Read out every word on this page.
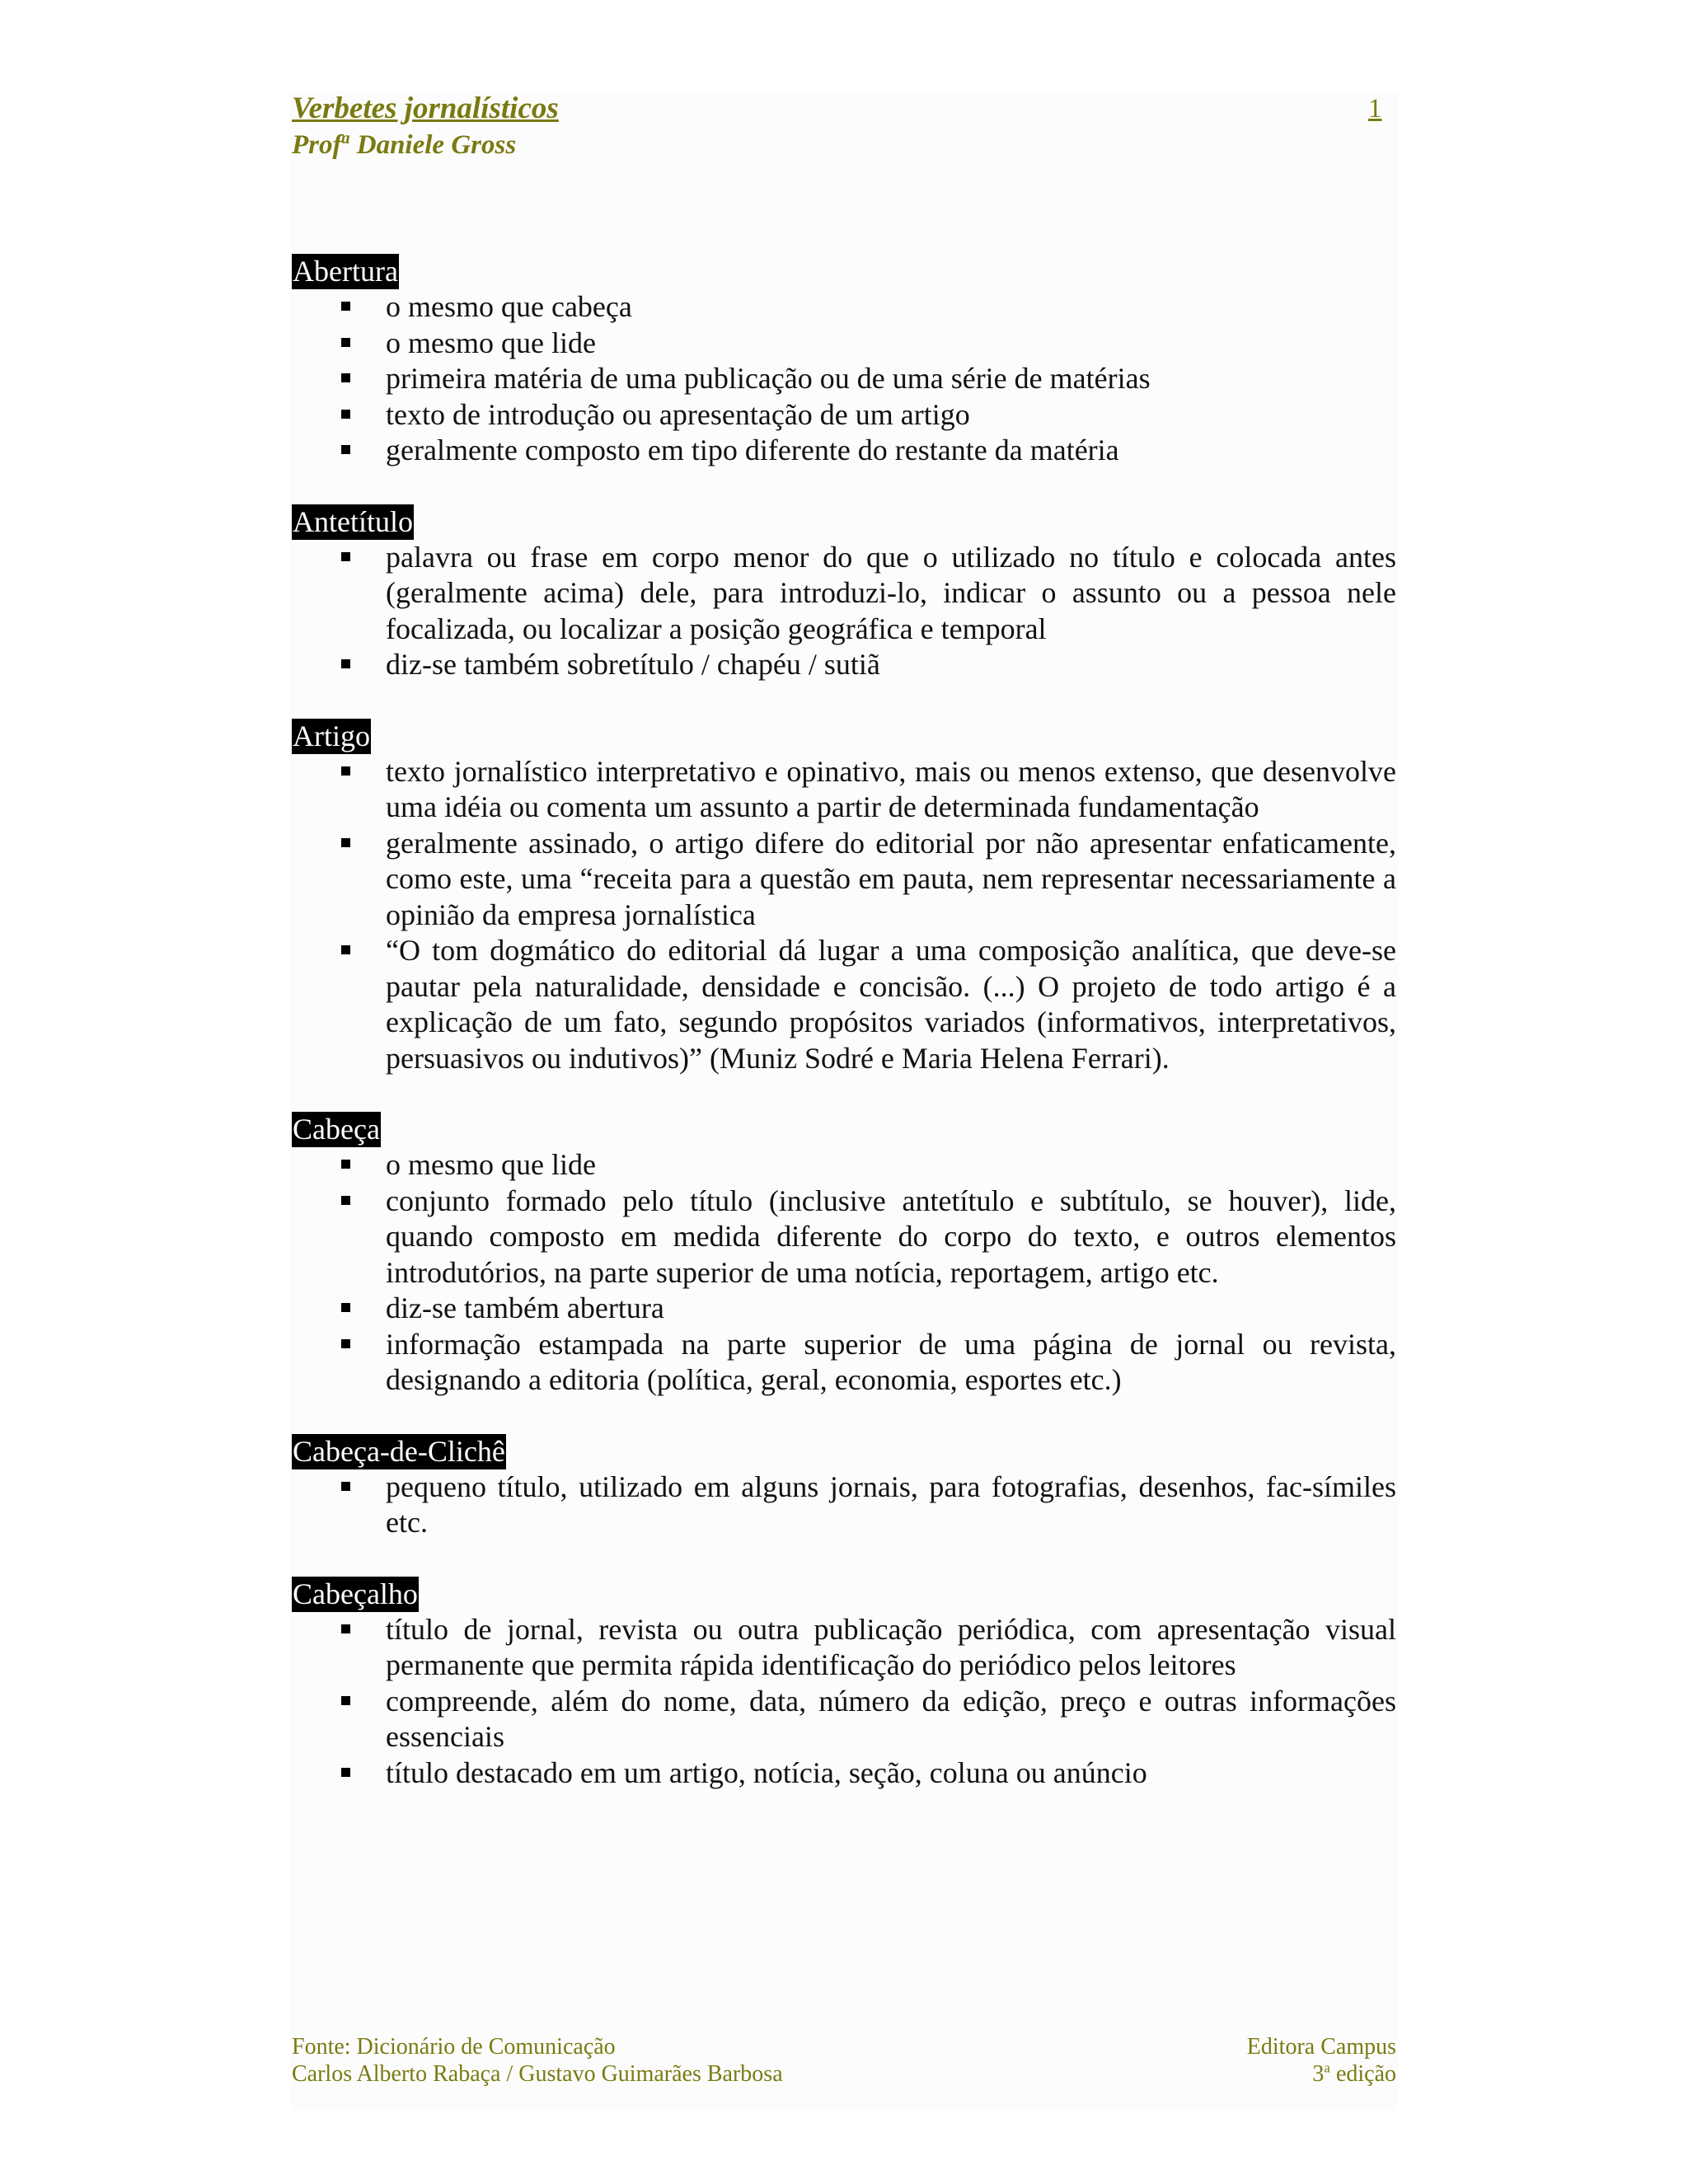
Verbetes jornalísticos
Prof$^a$ Daniele Gross
1
Abertura
o mesmo que cabeça
o mesmo que lide
primeira matéria de uma publicação ou de uma série de matérias
texto de introdução ou apresentação de um artigo
geralmente composto em tipo diferente do restante da matéria
Antetítulo
palavra ou frase em corpo menor do que o utilizado no título e colocada antes (geralmente acima) dele, para introduzi-lo, indicar o assunto ou a pessoa nele focalizada, ou localizar a posição geográfica e temporal
diz-se também sobretítulo / chapéu / sutiã
Artigo
texto jornalístico interpretativo e opinativo, mais ou menos extenso, que desenvolve uma idéia ou comenta um assunto a partir de determinada fundamentação
geralmente assinado, o artigo difere do editorial por não apresentar enfaticamente, como este, uma “receita para a questão em pauta, nem representar necessariamente a opinião da empresa jornalística
“O tom dogmático do editorial dá lugar a uma composição analítica, que deve-se pautar pela naturalidade, densidade e concisão. (...) O projeto de todo artigo é a explicação de um fato, segundo propósitos variados (informativos, interpretativos, persuasivos ou indutivos)” (Muniz Sodré e Maria Helena Ferrari).
Cabeça
o mesmo que lide
conjunto formado pelo título (inclusive antetítulo e subtítulo, se houver), lide, quando composto em medida diferente do corpo do texto, e outros elementos introdutórios, na parte superior de uma notícia, reportagem, artigo etc.
diz-se também abertura
informação estampada na parte superior de uma página de jornal ou revista, designando a editoria (política, geral, economia, esportes etc.)
Cabeça-de-Clichê
pequeno título, utilizado em alguns jornais, para fotografias, desenhos, fac-símiles etc.
Cabeçalho
título de jornal, revista ou outra publicação periódica, com apresentação visual permanente que permita rápida identificação do periódico pelos leitores
compreende, além do nome, data, número da edição, preço e outras informações essenciais
título destacado em um artigo, notícia, seção, coluna ou anúncio
Fonte: Dicionário de Comunicação
Carlos Alberto Rabaça / Gustavo Guimarães Barbosa
Editora Campus
3$^a$ edição
